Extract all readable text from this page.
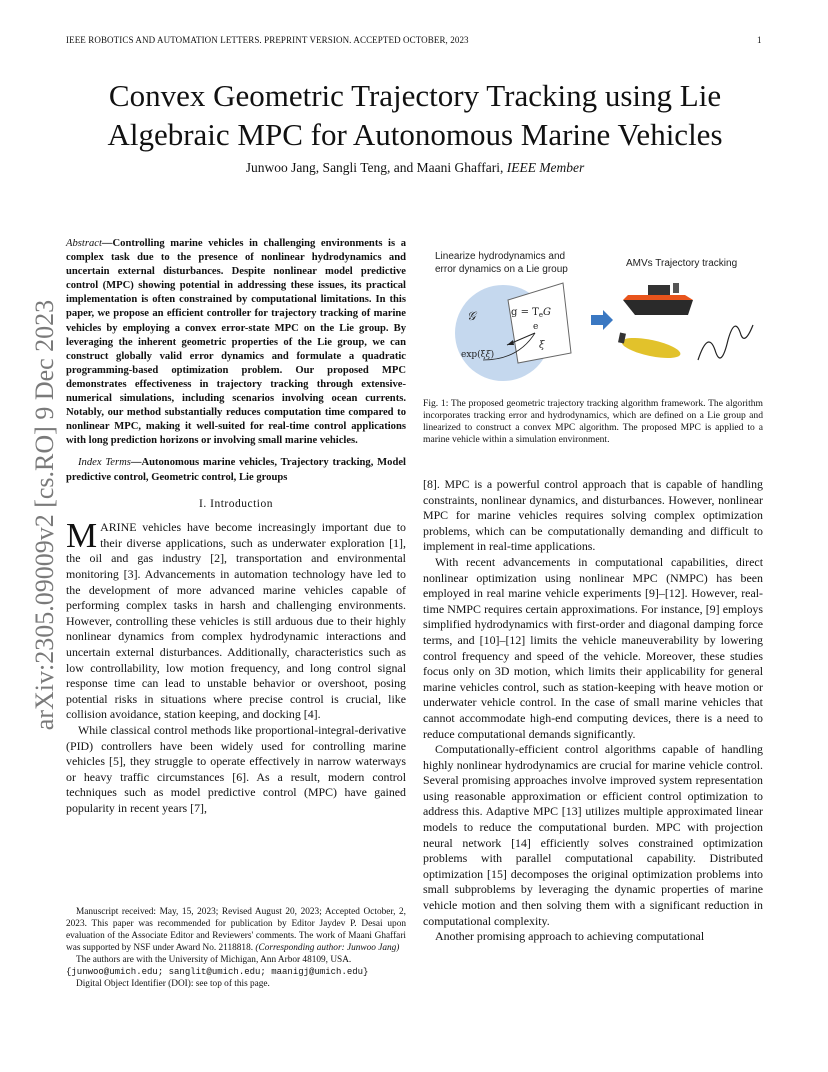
IEEE ROBOTICS AND AUTOMATION LETTERS. PREPRINT VERSION. ACCEPTED OCTOBER, 2023	1
arXiv:2305.09009v2 [cs.RO] 9 Dec 2023
Convex Geometric Trajectory Tracking using Lie
Algebraic MPC for Autonomous Marine Vehicles
Junwoo Jang, Sangli Teng, and Maani Ghaffari, IEEE Member
Abstract—Controlling marine vehicles in challenging environments is a complex task due to the presence of nonlinear hydrodynamics and uncertain external disturbances. Despite nonlinear model predictive control (MPC) showing potential in addressing these issues, its practical implementation is often constrained by computational limitations. In this paper, we propose an efficient controller for trajectory tracking of marine vehicles by employing a convex error-state MPC on the Lie group. By leveraging the inherent geometric properties of the Lie group, we can construct globally valid error dynamics and formulate a quadratic programming-based optimization problem. Our proposed MPC demonstrates effectiveness in trajectory tracking through extensive-numerical simulations, including scenarios involving ocean currents. Notably, our method substantially reduces computation time compared to nonlinear MPC, making it well-suited for real-time control applications with long prediction horizons or involving small marine vehicles.
Index Terms—Autonomous marine vehicles, Trajectory tracking, Model predictive control, Geometric control, Lie groups
I. Introduction

MARINE vehicles have become increasingly important due to their diverse applications, such as underwater exploration [1], the oil and gas industry [2], transportation and environmental monitoring [3]. Advancements in automation technology have led to the development of more advanced marine vehicles capable of performing complex tasks in harsh and challenging environments. However, controlling these vehicles is still arduous due to their highly nonlinear dynamics from complex hydrodynamic interactions and uncertain external disturbances. Additionally, characteristics such as low controllability, low motion frequency, and long control signal response time can lead to unstable behavior or overshoot, posing potential risks in situations where precise control is crucial, like collision avoidance, station keeping, and docking [4].

While classical control methods like proportional-integral-derivative (PID) controllers have been widely used for controlling marine vehicles [5], they struggle to operate effectively in narrow waterways or heavy traffic circumstances [6]. As a result, modern control techniques such as model predictive control (MPC) have gained popularity in recent years [7],

Manuscript received: May, 15, 2023; Revised August 20, 2023; Accepted October, 2, 2023. This paper was recommended for publication by Editor Jaydev P. Desai upon evaluation of the Associate Editor and Reviewers' comments. The work of Maani Ghaffari was supported by NSF under Award No. 2118818. (Corresponding author: Junwoo Jang)

The authors are with the University of Michigan, Ann Arbor 48109, USA.

{junwoo@umich.edu; sanglit@umich.edu; maanigj@umich.edu}

Digital Object Identifier (DOI): see top of this page.

Linearize hydrodynamics and
error dynamics on a Lie group
AMVs Trajectory tracking
𝒢	$g = T_eG$
e
ξ
exp(ξξ)
Fig. 1: The proposed geometric trajectory tracking algorithm framework. The algorithm incorporates tracking error and hydrodynamics, which are defined on a Lie group and linearized to construct a convex MPC algorithm. The proposed MPC is applied to a marine vehicle within a simulation environment.

[8]. MPC is a powerful control approach that is capable of handling constraints, nonlinear dynamics, and disturbances. However, nonlinear MPC for marine vehicles requires solving complex optimization problems, which can be computationally demanding and difficult to implement in real-time applications.

With recent advancements in computational capabilities, direct nonlinear optimization using nonlinear MPC (NMPC) has been employed in real marine vehicle experiments [9]–[12]. However, real-time NMPC requires certain approximations. For instance, [9] employs simplified hydrodynamics with first-order and diagonal damping force terms, and [10]–[12] limits the vehicle maneuverability by lowering control frequency and speed of the vehicle. Moreover, these studies focus only on 3D motion, which limits their applicability for general marine vehicles control, such as station-keeping with heave motion or underwater vehicle control. In the case of small marine vehicles that cannot accommodate high-end computing devices, there is a need to reduce computational demands significantly.

Computationally-efficient control algorithms capable of handling highly nonlinear hydrodynamics are crucial for marine vehicle control. Several promising approaches involve improved system representation using reasonable approximation or efficient control optimization to address this. Adaptive MPC [13] utilizes multiple approximated linear models to reduce the computational burden. MPC with projection neural network [14] efficiently solves constrained optimization problems with parallel computational capability. Distributed optimization [15] decomposes the original optimization problems into small subproblems by leveraging the dynamic properties of marine vehicle motion and then solving them with a significant reduction in computational complexity.

Another promising approach to achieving computational
